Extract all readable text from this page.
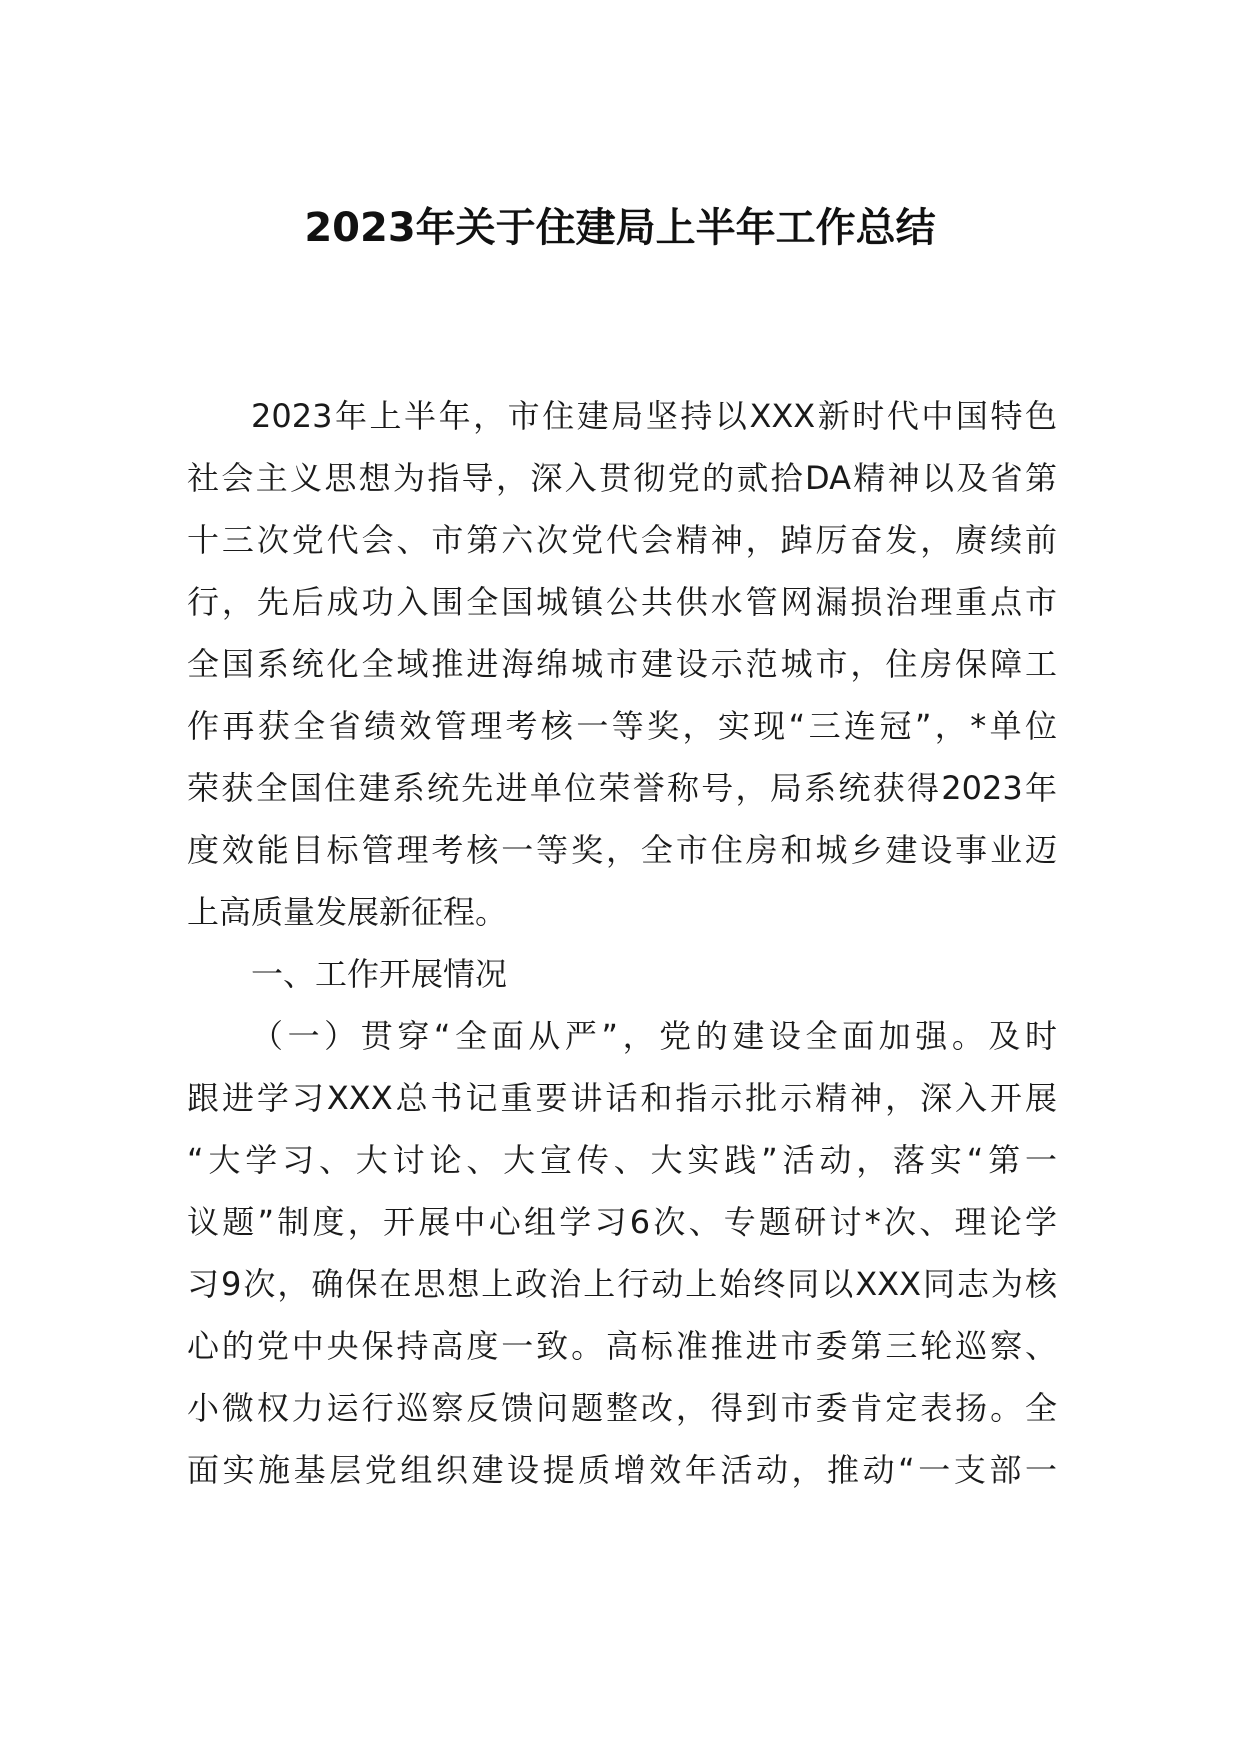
2023年关于住建局上半年工作总结
2023年上半年，市住建局坚持以XXX新时代中国特色
社会主义思想为指导，深入贯彻党的贰拾DA精神以及省第
十三次党代会、市第六次党代会精神，踔厉奋发，赓续前
行，先后成功入围全国城镇公共供水管网漏损治理重点市
全国系统化全域推进海绵城市建设示范城市，住房保障工
作再获全省绩效管理考核一等奖，实现“三连冠”，*单位
荣获全国住建系统先进单位荣誉称号，局系统获得2023年
度效能目标管理考核一等奖，全市住房和城乡建设事业迈
上高质量发展新征程。
一、工作开展情况
（一）贯穿“全面从严”，党的建设全面加强。及时
跟进学习XXX总书记重要讲话和指示批示精神，深入开展
“大学习、大讨论、大宣传、大实践”活动，落实“第一
议题”制度，开展中心组学习6次、专题研讨*次、理论学
习9次，确保在思想上政治上行动上始终同以XXX同志为核
心的党中央保持高度一致。高标准推进市委第三轮巡察、
小微权力运行巡察反馈问题整改，得到市委肯定表扬。全
面实施基层党组织建设提质增效年活动，推动“一支部一
